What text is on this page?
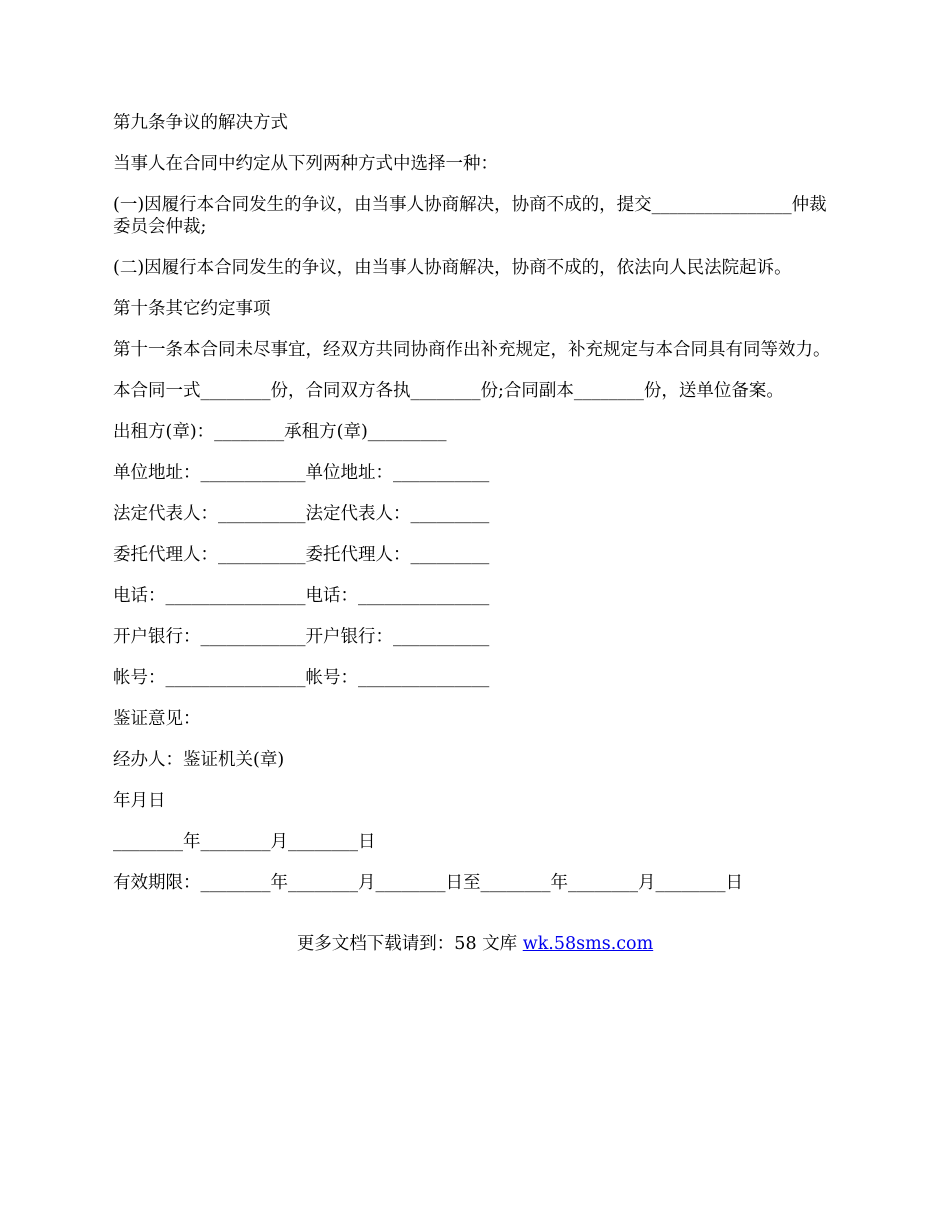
第九条争议的解决方式

当事人在合同中约定从下列两种方式中选择一种：

(一)因履行本合同发生的争议，由当事人协商解决，协商不成的，提交________________仲裁委员会仲裁;

(二)因履行本合同发生的争议，由当事人协商解决，协商不成的，依法向人民法院起诉。

第十条其它约定事项

第十一条本合同未尽事宜，经双方共同协商作出补充规定，补充规定与本合同具有同等效力。

本合同一式________份，合同双方各执________份;合同副本________份，送单位备案。

出租方(章)：________承租方(章)_________

单位地址：____________单位地址：___________

法定代表人：__________法定代表人：_________

委托代理人：__________委托代理人：_________

电话：________________电话：_______________

开户银行：____________开户银行：___________

帐号：________________帐号：_______________

鉴证意见：

经办人：鉴证机关(章)

年月日

________年________月________日

有效期限：________年________月________日至________年________月________日

更多文档下载请到：58 文库 wk.58sms.com
